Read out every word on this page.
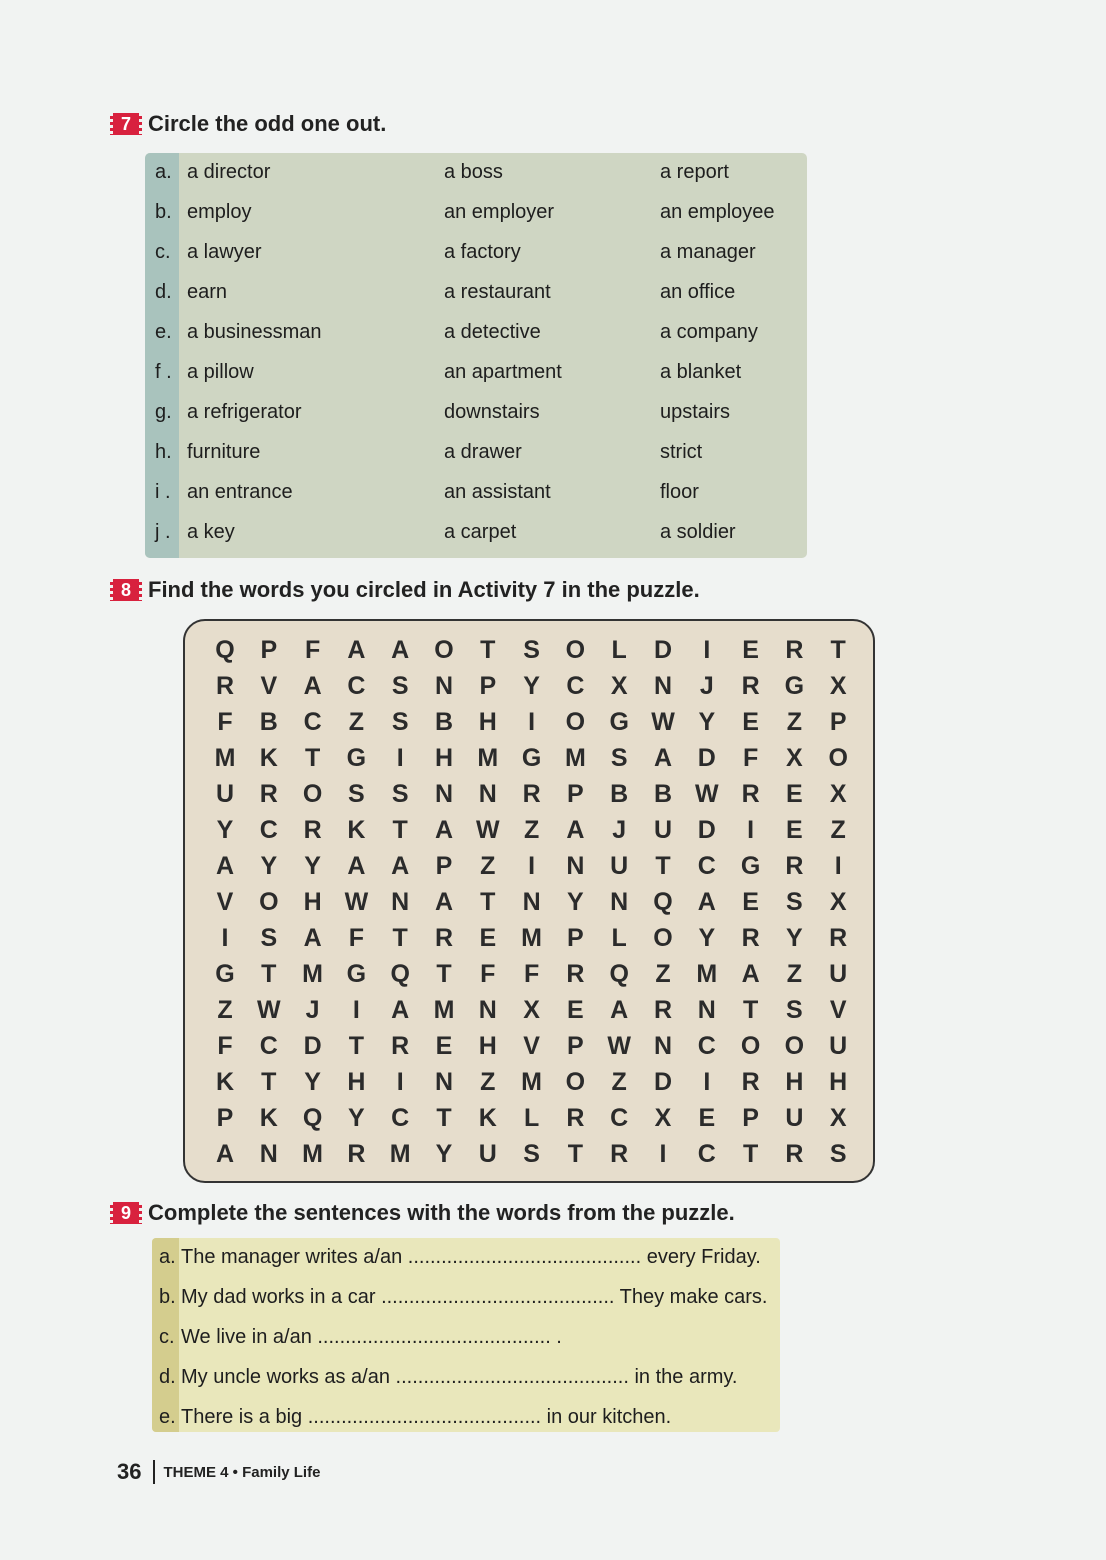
7 Circle the odd one out.
a. a director	a boss	a report
b. employ	an employer	an employee
c. a lawyer	a factory	a manager
d. earn	a restaurant	an office
e. a businessman	a detective	a company
f . a pillow	an apartment	a blanket
g. a refrigerator	downstairs	upstairs
h. furniture	a drawer	strict
i . an entrance	an assistant	floor
j . a key	a carpet	a soldier
8 Find the words you circled in Activity 7 in the puzzle.
Q	P	F	A	A	O	T	S	O	L	D	I	E	R	T
R	V	A	C	S	N	P	Y	C	X	N	J	R	G	X
F	B	C	Z	S	B	H	I	O G W Y	E	Z	P
M K	T	G	I	H M G M	S	A	D	F	X	O
U	R	O	S	S	N	N	R	P	B	B W R	E	X
Y	C	R	K	T	A W Z	A	J	U	D	I	E	Z
A	Y	Y	A	A	P	Z	I	N	U	T	C	G	R	I
V	O	H W N	A	T	N	Y	N	Q	A	E	S	X
I	S	A	F	T	R	E	M	P	L	O	Y	R	Y	R
G	T	M G Q	T	F	F	R	Q	Z	M A	Z	U
Z W	J	I	A M N	X	E	A	R	N	T	S	V
F	C	D	T	R	E	H	V	P W N	C	O O	U
K	T	Y	H	I	N	Z	M O	Z	D	I	R	H	H
P	K	Q	Y	C	T	K	L	R	C	X	E	P	U	X
A	N M R M	Y	U	S	T	R	I	C	T	R	S
9 Complete the sentences with the words from the puzzle.
a. The manager writes a/an .......................................... every Friday.
b. My dad works in a car .......................................... They make cars.
c. We live in a/an .......................................... .
d. My uncle works as a/an .......................................... in the army.
e. There is a big .......................................... in our kitchen.
36 THEME 4 • Family Life
